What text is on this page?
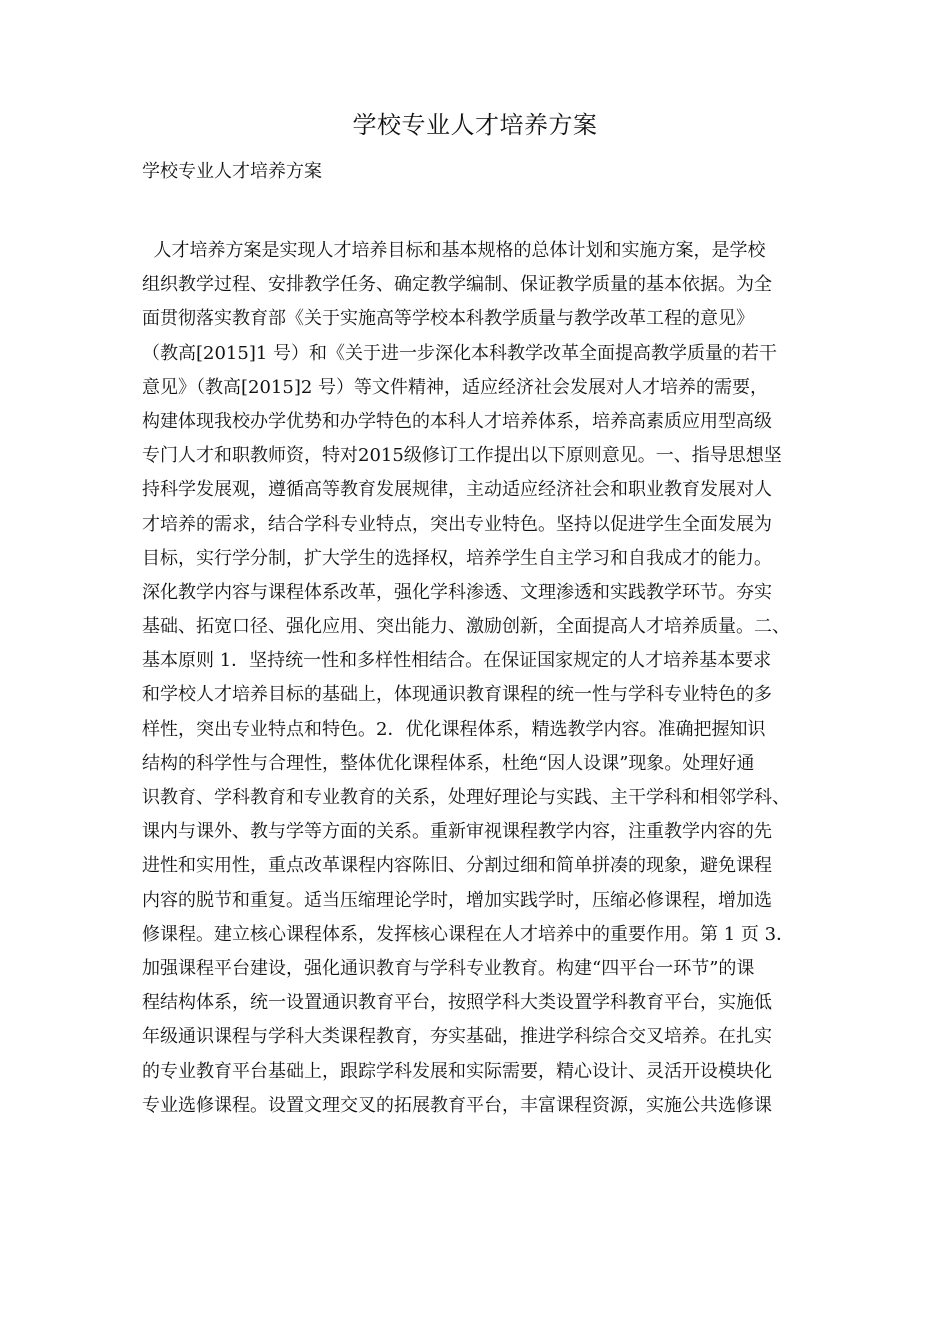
学校专业人才培养方案

学校专业人才培养方案

人才培养方案是实现人才培养目标和基本规格的总体计划和实施方案，是学校
组织教学过程、安排教学任务、确定教学编制、保证教学质量的基本依据。为全
面贯彻落实教育部《关于实施高等学校本科教学质量与教学改革工程的意见》
（教高[2015]1 号）和《关于进一步深化本科教学改革全面提高教学质量的若干
意见》（教高[2015]2 号）等文件精神，适应经济社会发展对人才培养的需要，
构建体现我校办学优势和办学特色的本科人才培养体系，培养高素质应用型高级
专门人才和职教师资，特对2015级修订工作提出以下原则意见。一、指导思想坚
持科学发展观，遵循高等教育发展规律，主动适应经济社会和职业教育发展对人
才培养的需求，结合学科专业特点，突出专业特色。坚持以促进学生全面发展为
目标，实行学分制，扩大学生的选择权，培养学生自主学习和自我成才的能力。
深化教学内容与课程体系改革，强化学科渗透、文理渗透和实践教学环节。夯实
基础、拓宽口径、强化应用、突出能力、激励创新，全面提高人才培养质量。二、
基本原则 1．坚持统一性和多样性相结合。在保证国家规定的人才培养基本要求
和学校人才培养目标的基础上，体现通识教育课程的统一性与学科专业特色的多
样性，突出专业特点和特色。2．优化课程体系，精选教学内容。准确把握知识
结构的科学性与合理性，整体优化课程体系，杜绝“因人设课”现象。处理好通
识教育、学科教育和专业教育的关系，处理好理论与实践、主干学科和相邻学科、
课内与课外、教与学等方面的关系。重新审视课程教学内容，注重教学内容的先
进性和实用性，重点改革课程内容陈旧、分割过细和简单拼凑的现象，避免课程
内容的脱节和重复。适当压缩理论学时，增加实践学时，压缩必修课程，增加选
修课程。建立核心课程体系，发挥核心课程在人才培养中的重要作用。第 1 页 3．
加强课程平台建设，强化通识教育与学科专业教育。构建“四平台一环节”的课
程结构体系，统一设置通识教育平台，按照学科大类设置学科教育平台，实施低
年级通识课程与学科大类课程教育，夯实基础，推进学科综合交叉培养。在扎实
的专业教育平台基础上，跟踪学科发展和实际需要，精心设计、灵活开设模块化
专业选修课程。设置文理交叉的拓展教育平台，丰富课程资源，实施公共选修课
